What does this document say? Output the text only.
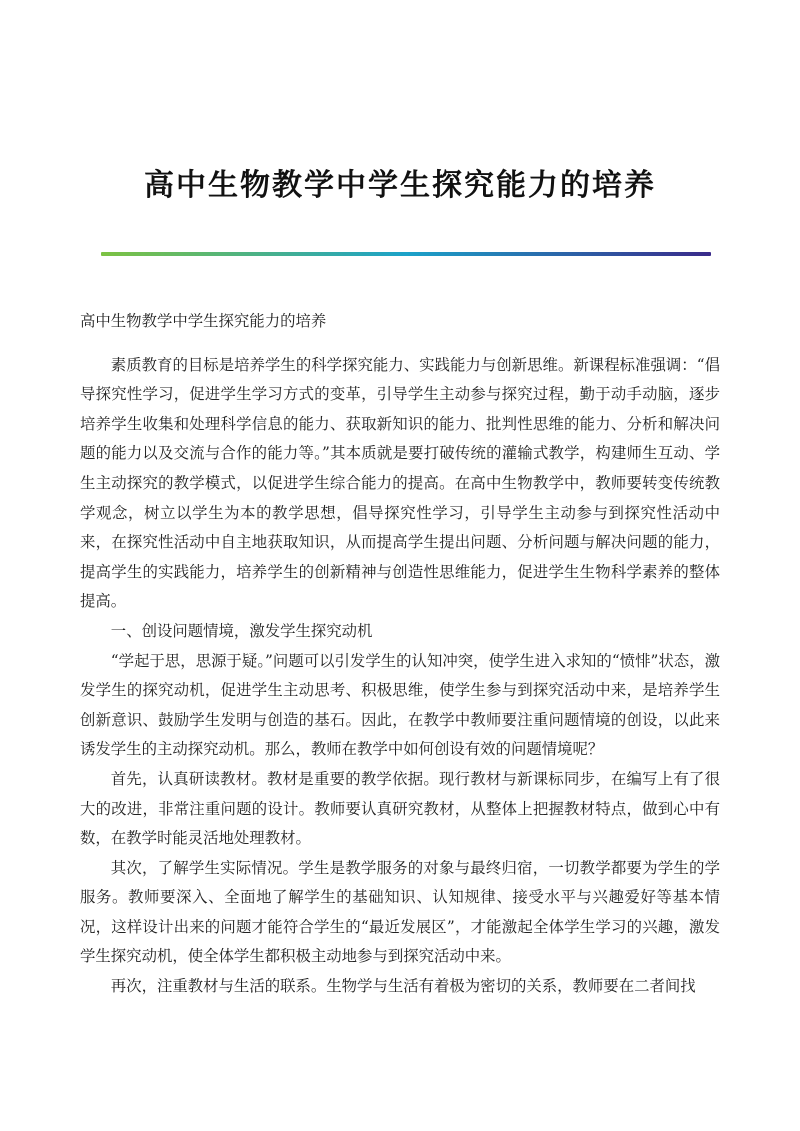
高中生物教学中学生探究能力的培养

高中生物教学中学生探究能力的培养

素质教育的目标是培养学生的科学探究能力、实践能力与创新思维。新课程标准强调：“倡导探究性学习，促进学生学习方式的变革，引导学生主动参与探究过程，勤于动手动脑，逐步培养学生收集和处理科学信息的能力、获取新知识的能力、批判性思维的能力、分析和解决问题的能力以及交流与合作的能力等。”其本质就是要打破传统的灌输式教学，构建师生互动、学生主动探究的教学模式，以促进学生综合能力的提高。在高中生物教学中，教师要转变传统教学观念，树立以学生为本的教学思想，倡导探究性学习，引导学生主动参与到探究性活动中来，在探究性活动中自主地获取知识，从而提高学生提出问题、分析问题与解决问题的能力，提高学生的实践能力，培养学生的创新精神与创造性思维能力，促进学生生物科学素养的整体提高。

一、创设问题情境，激发学生探究动机

“学起于思，思源于疑。”问题可以引发学生的认知冲突，使学生进入求知的“愤悱”状态，激发学生的探究动机，促进学生主动思考、积极思维，使学生参与到探究活动中来，是培养学生创新意识、鼓励学生发明与创造的基石。因此，在教学中教师要注重问题情境的创设，以此来诱发学生的主动探究动机。那么，教师在教学中如何创设有效的问题情境呢？

首先，认真研读教材。教材是重要的教学依据。现行教材与新课标同步，在编写上有了很大的改进，非常注重问题的设计。教师要认真研究教材，从整体上把握教材特点，做到心中有数，在教学时能灵活地处理教材。

其次，了解学生实际情况。学生是教学服务的对象与最终归宿，一切教学都要为学生的学服务。教师要深入、全面地了解学生的基础知识、认知规律、接受水平与兴趣爱好等基本情况，这样设计出来的问题才能符合学生的“最近发展区”，才能激起全体学生学习的兴趣，激发学生探究动机，使全体学生都积极主动地参与到探究活动中来。

再次，注重教材与生活的联系。生物学与生活有着极为密切的关系，教师要在二者间找
